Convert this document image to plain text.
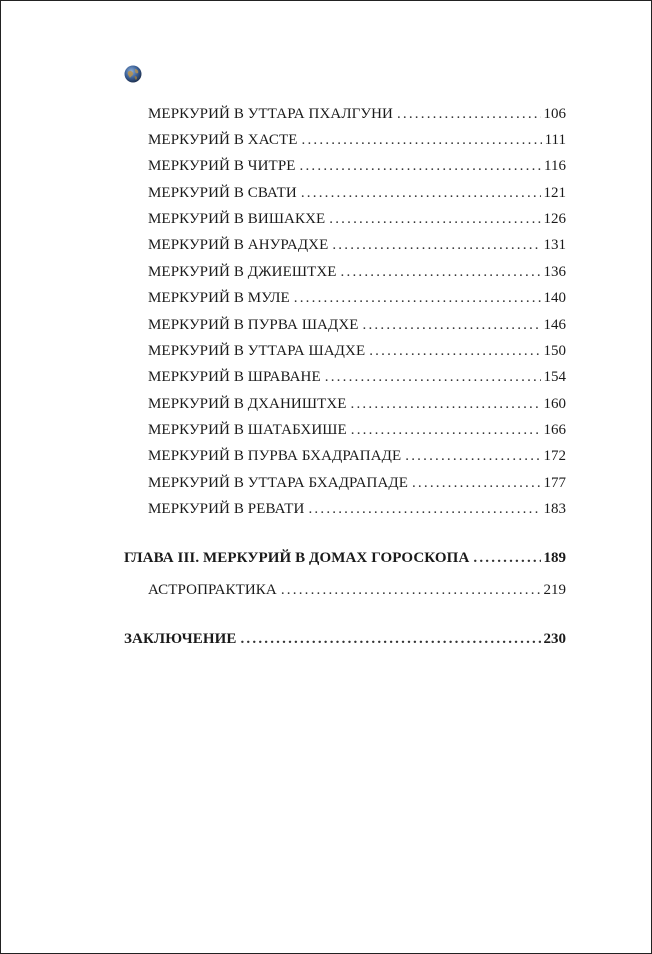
МЕРКУРИЙ В УТТАРА ПХАЛГУНИ .....	106
МЕРКУРИЙ В ХАСТЕ .....	111
МЕРКУРИЙ В ЧИТРЕ .....	116
МЕРКУРИЙ В СВАТИ .....	121
МЕРКУРИЙ В ВИШАКХЕ .....	126
МЕРКУРИЙ В АНУРАДХЕ .....	131
МЕРКУРИЙ В ДЖИЕШТХЕ .....	136
МЕРКУРИЙ В МУЛЕ .....	140
МЕРКУРИЙ В ПУРВА ШАДХЕ .....	146
МЕРКУРИЙ В УТТАРА ШАДХЕ .....	150
МЕРКУРИЙ В ШРАВАНЕ .....	154
МЕРКУРИЙ В ДХАНИШТХЕ .....	160
МЕРКУРИЙ В ШАТАБХИШЕ .....	166
МЕРКУРИЙ В ПУРВА БХАДРАПАДЕ .....	172
МЕРКУРИЙ В УТТАРА БХАДРАПАДЕ .....	177
МЕРКУРИЙ В РЕВАТИ .....	183
ГЛАВА III. МЕРКУРИЙ В ДОМАХ ГОРОСКОПА .....	189
АСТРОПРАКТИКА .....	219
ЗАКЛЮЧЕНИЕ .....	230
